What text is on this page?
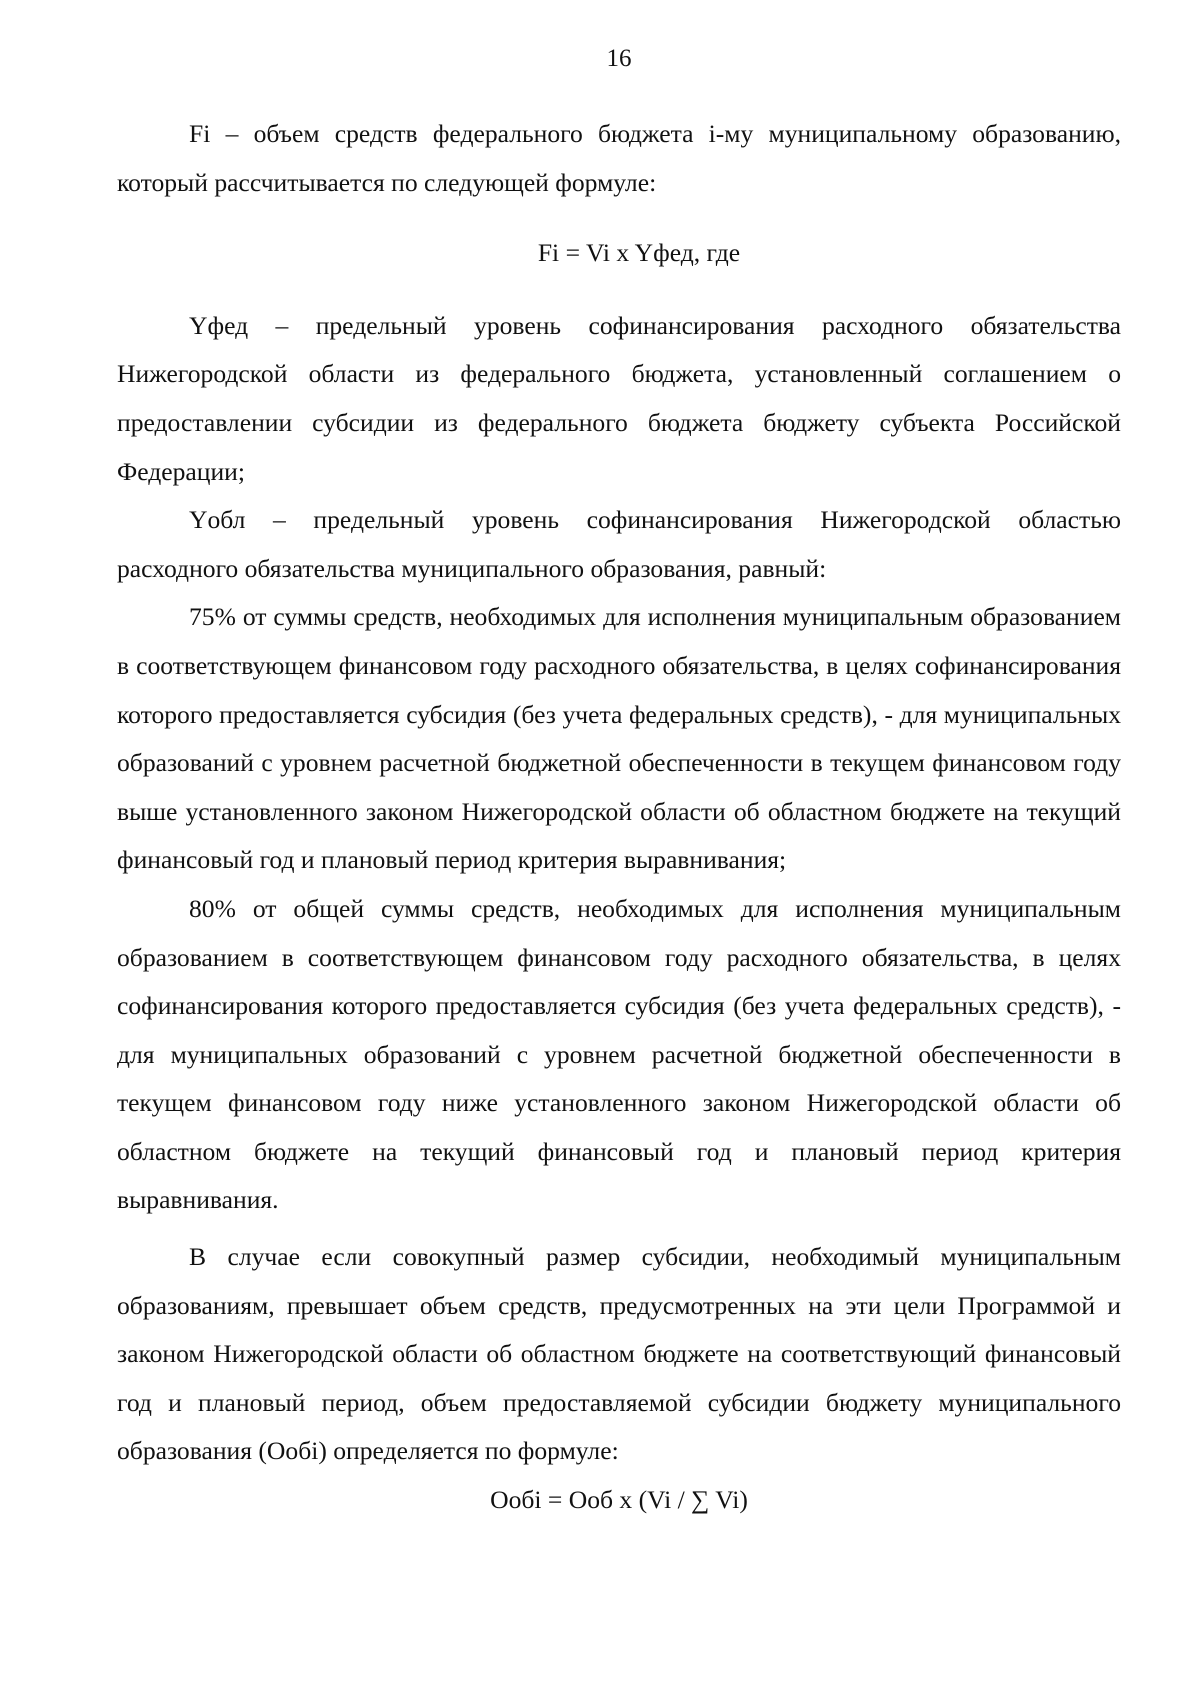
16

Fi – объем средств федерального бюджета i-му муниципальному образованию, который рассчитывается по следующей формуле:

Fi = Vi x Yфед, где

Yфед – предельный уровень софинансирования расходного обязательства Нижегородской области из федерального бюджета, установленный соглашением о предоставлении субсидии из федерального бюджета бюджету субъекта Российской Федерации;

Yобл – предельный уровень софинансирования Нижегородской областью расходного обязательства муниципального образования, равный:

75% от суммы средств, необходимых для исполнения муниципальным образованием в соответствующем финансовом году расходного обязательства, в целях софинансирования которого предоставляется субсидия (без учета федеральных средств), - для муниципальных образований с уровнем расчетной бюджетной обеспеченности в текущем финансовом году выше установленного законом Нижегородской области об областном бюджете на текущий финансовый год и плановый период критерия выравнивания;

80% от общей суммы средств, необходимых для исполнения муниципальным образованием в соответствующем финансовом году расходного обязательства, в целях софинансирования которого предоставляется субсидия (без учета федеральных средств), - для муниципальных образований с уровнем расчетной бюджетной обеспеченности в текущем финансовом году ниже установленного законом Нижегородской области об областном бюджете на текущий финансовый год и плановый период критерия выравнивания.

В случае если совокупный размер субсидии, необходимый муниципальным образованиям, превышает объем средств, предусмотренных на эти цели Программой и законом Нижегородской области об областном бюджете на соответствующий финансовый год и плановый период, объем предоставляемой субсидии бюджету муниципального образования (Ообi) определяется по формуле:

Ообi = Ооб x (Vi / ∑ Vi)
